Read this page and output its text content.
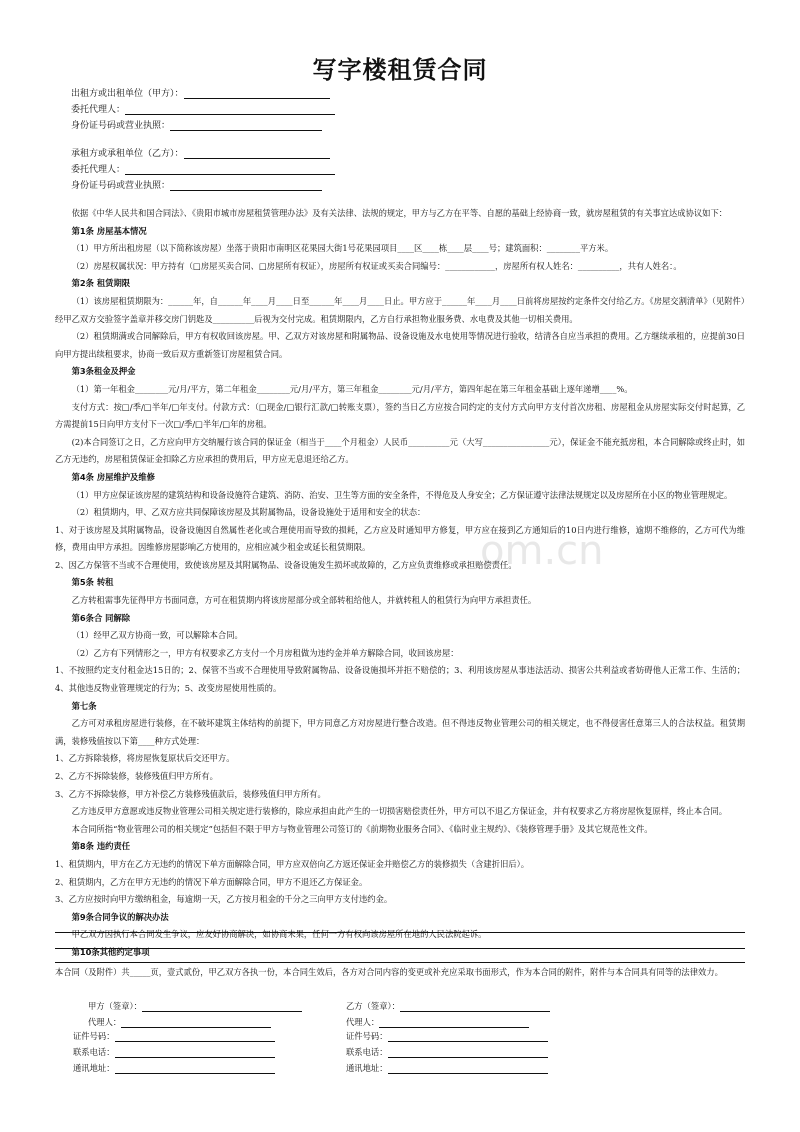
om.cn
写字楼租赁合同
出租方或出租单位（甲方）：
委托代理人：
身份证号码或营业执照：
承租方或承租单位（乙方）：
委托代理人：
身份证号码或营业执照：

依据《中华人民共和国合同法》、《贵阳市城市房屋租赁管理办法》及有关法律、法规的规定，甲方与乙方在平等、自愿的基础上经协商一致，就房屋租赁的有关事宜达成协议如下：

第1条 房屋基本情况

（1）甲方所出租房屋（以下简称该房屋）坐落于贵阳市南明区花果园大街1号花果园项目____区____栋____层____号；建筑面积：________平方米。

（2）房屋权属状况：甲方持有（□房屋买卖合同、□房屋所有权证），房屋所有权证或买卖合同编号：____________，房屋所有权人姓名：__________，共有人姓名：。

第2条 租赁期限

（1）该房屋租赁期限为：______年，自______年____月____日至______年____月____日止。甲方应于______年____月____日前将房屋按约定条件交付给乙方。《房屋交割清单》（见附件）经甲乙双方交验签字盖章并移交房门钥匙及__________后视为交付完成。租赁期限内，乙方自行承担物业服务费、水电费及其他一切相关费用。

（2）租赁期满或合同解除后，甲方有权收回该房屋。甲、乙双方对该房屋和附属物品、设备设施及水电使用等情况进行验收，结清各自应当承担的费用。乙方继续承租的，应提前30日向甲方提出续租要求，协商一致后双方重新签订房屋租赁合同。

第3条租金及押金

（1）第一年租金________元/月/平方，第二年租金________元/月/平方，第三年租金________元/月/平方，第四年起在第三年租金基础上逐年递增____%。

支付方式：按□/季/□半年/□年支付。付款方式：（□现金/□银行汇款/□转账支票），签约当日乙方应按合同约定的支付方式向甲方支付首次房租、房屋租金从房屋实际交付时起算，乙方需提前15日向甲方支付下一次□/季/□半年/□年的房租。

(2)本合同签订之日，乙方应向甲方交纳履行该合同的保证金（相当于____个月租金）人民币__________元（大写________________元），保证金不能充抵房租，本合同解除或终止时，如乙方无违约，房屋租赁保证金扣除乙方应承担的费用后，甲方应无息退还给乙方。

第4条 房屋维护及维修

（1）甲方应保证该房屋的建筑结构和设备设施符合建筑、消防、治安、卫生等方面的安全条件，不得危及人身安全；乙方保证遵守法律法规规定以及房屋所在小区的物业管理规定。

（2）租赁期内，甲、乙双方应共同保障该房屋及其附属物品，设备设施处于适用和安全的状态：

1、对于该房屋及其附属物品，设备设施因自然属性老化或合理使用而导致的损耗，乙方应及时通知甲方修复，甲方应在接到乙方通知后的10日内进行维修，逾期不维修的，乙方可代为维修，费用由甲方承担。因维修房屋影响乙方使用的，应相应减少租金或延长租赁期限。

2、因乙方保管不当或不合理使用，致使该房屋及其附属物品、设备设施发生损坏或故障的，乙方应负责维修或承担赔偿责任。

第5条 转租

乙方转租需事先征得甲方书面同意，方可在租赁期内将该房屋部分或全部转租给他人，并就转租人的租赁行为向甲方承担责任。

第6条合 同解除

（1）经甲乙双方协商一致，可以解除本合同。

（2）乙方有下列情形之一，甲方有权要求乙方支付一个月房租做为违约金并单方解除合同，收回该房屋：

1、不按照约定支付租金达15日的；2、保管不当或不合理使用导致附属物品、设备设施损坏并拒不赔偿的；3、利用该房屋从事违法活动、损害公共利益或者妨碍他人正常工作、生活的；4、其他违反物业管理规定的行为；5、改变房屋使用性质的。

第七条

乙方可对承租房屋进行装修，在不破坏建筑主体结构的前提下，甲方同意乙方对房屋进行整合改造。但不得违反物业管理公司的相关规定，也不得侵害任意第三人的合法权益。租赁期满，装修残值按以下第____种方式处理：

1、乙方拆除装修，将房屋恢复原状后交还甲方。

2、乙方不拆除装修，装修残值归甲方所有。

3、乙方不拆除装修，甲方补偿乙方装修残值款后，装修残值归甲方所有。

乙方违反甲方意愿或违反物业管理公司相关规定进行装修的，除应承担由此产生的一切损害赔偿责任外，甲方可以不退乙方保证金，并有权要求乙方将房屋恢复原样，终止本合同。

本合同所指“物业管理公司的相关规定”包括但不限于甲方与物业管理公司签订的《前期物业服务合同》、《临时业主规约》、《装修管理手册》及其它规范性文件。

第8条 违约责任

1、租赁期内，甲方在乙方无违约的情况下单方面解除合同，甲方应双倍向乙方返还保证金并赔偿乙方的装修损失（含建折旧后）。

2、租赁期内，乙方在甲方无违约的情况下单方面解除合同，甲方不退还乙方保证金。

3、乙方应按时向甲方缴纳租金，每逾期一天，乙方按月租金的千分之三向甲方支付违约金。

第9条合同争议的解决办法

甲乙双方因执行本合同发生争议，应友好协商解决，如协商未果，任何一方有权向该房屋所在地的人民法院起诉。

第10条其他约定事项

本合同（及附件）共_____页，壹式贰份，甲乙双方各执一份，本合同生效后，各方对合同内容的变更或补充应采取书面形式，作为本合同的附件，附件与本合同具有同等的法律效力。

甲方（签章）：
代理人：
证件号码：
联系电话：
通讯地址：
乙方（签章）：
代理人：
证件号码：
联系电话：
通讯地址：
